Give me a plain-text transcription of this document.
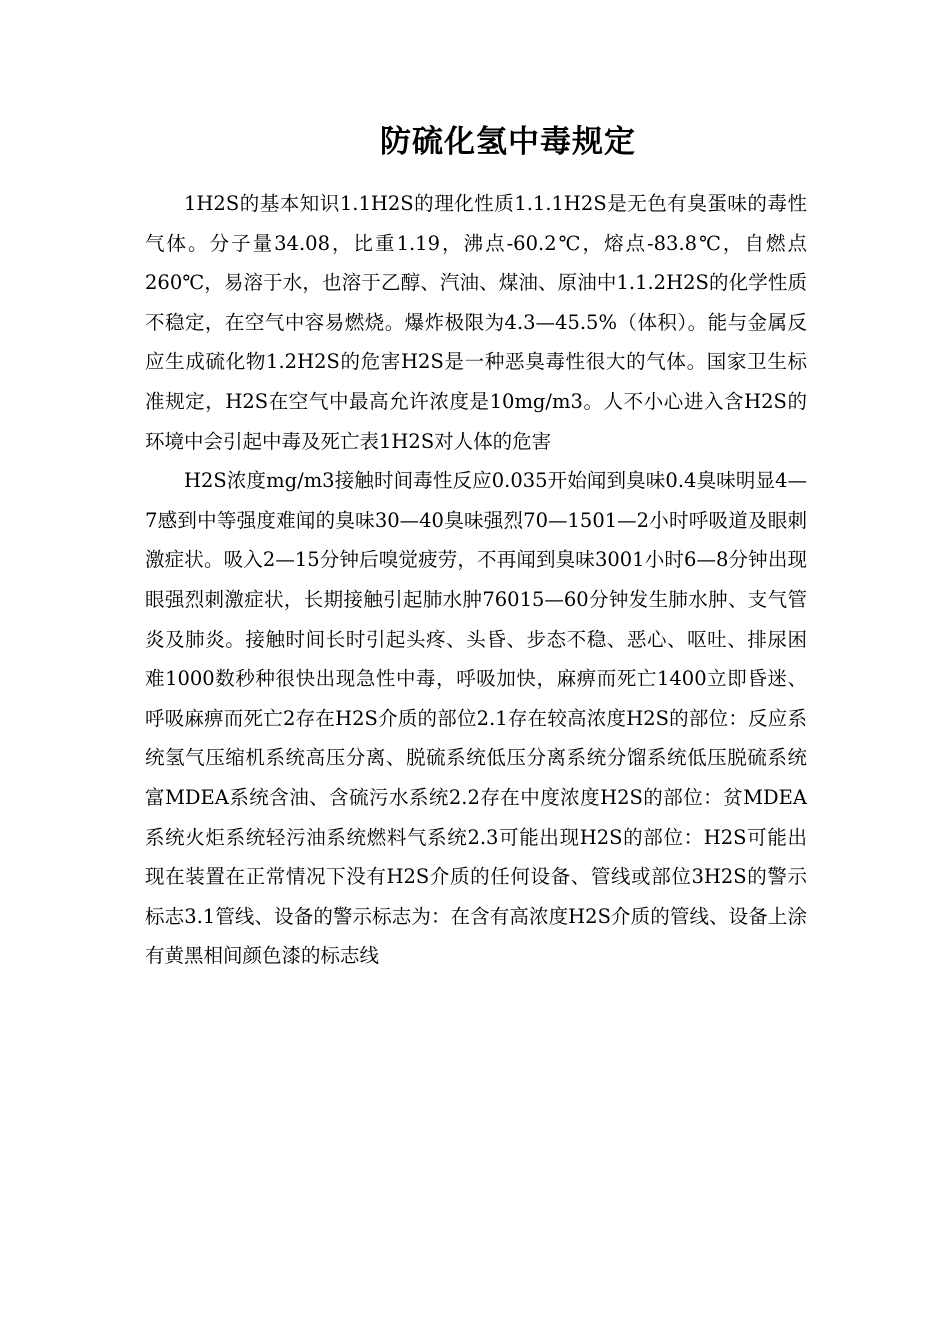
防硫化氢中毒规定

1H2S的基本知识1.1H2S的理化性质1.1.1H2S是无色有臭蛋味的毒性气体。分子量34.08，比重1.19，沸点-60.2℃，熔点-83.8℃，自燃点260℃，易溶于水，也溶于乙醇、汽油、煤油、原油中1.1.2H2S的化学性质不稳定，在空气中容易燃烧。爆炸极限为4.3—45.5%（体积）。能与金属反应生成硫化物1.2H2S的危害H2S是一种恶臭毒性很大的气体。国家卫生标准规定，H2S在空气中最高允许浓度是10mg/m3。人不小心进入含H2S的环境中会引起中毒及死亡表1H2S对人体的危害

H2S浓度mg/m3接触时间毒性反应0.035开始闻到臭味0.4臭味明显4—7感到中等强度难闻的臭味30—40臭味强烈70—1501—2小时呼吸道及眼刺激症状。吸入2—15分钟后嗅觉疲劳，不再闻到臭味3001小时6—8分钟出现眼强烈刺激症状，长期接触引起肺水肿76015—60分钟发生肺水肿、支气管炎及肺炎。接触时间长时引起头疼、头昏、步态不稳、恶心、呕吐、排尿困难1000数秒种很快出现急性中毒，呼吸加快，麻痹而死亡1400立即昏迷、呼吸麻痹而死亡2存在H2S介质的部位2.1存在较高浓度H2S的部位：反应系统氢气压缩机系统高压分离、脱硫系统低压分离系统分馏系统低压脱硫系统富MDEA系统含油、含硫污水系统2.2存在中度浓度H2S的部位：贫MDEA系统火炬系统轻污油系统燃料气系统2.3可能出现H2S的部位：H2S可能出现在装置在正常情况下没有H2S介质的任何设备、管线或部位3H2S的警示标志3.1管线、设备的警示标志为：在含有高浓度H2S介质的管线、设备上涂有黄黑相间颜色漆的标志线
